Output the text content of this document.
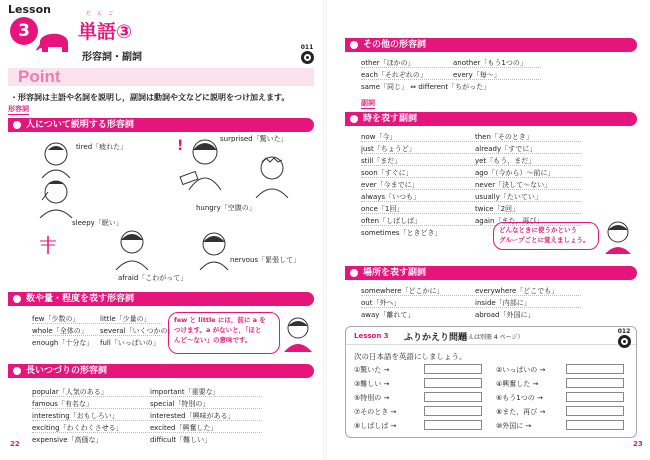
Lesson
3
たんご
単語③
形容詞・副詞
011
Point
・形容詞は主語や名詞を説明し，副詞は動詞や文などに説明をつけ加えます。
形容詞
人について説明する形容詞
!
tired「疲れた」
surprised「驚いた」
sleepy「眠い」
hungry「空腹の」
nervous「緊張して」
afraid「こわがって」
数や量・程度を表す形容詞
few「少数の」	little「少量の」
whole「全体の」 several「いくつかの」
enough「十分な」 full「いっぱいの」
few と little には，前に a を
つけます。a がないと，「ほと
んど～ない」の意味です。
長いつづりの形容詞
popular「人気のある」	important「重要な」
famous「有名な」	special「特別の」
interesting「おもしろい」	interested「興味がある」
exciting「わくわくさせる」	excited「興奮した」
expensive「高価な」	difficult「難しい」
22
その他の形容詞
other「ほかの」	another「もう1つの」
each「それぞれの」	every「毎～」
same「同じ」 ⇔ different「ちがった」
副詞
時を表す副詞
now「今」	then「そのとき」
just「ちょうど」	already「すでに」
still「まだ」	yet「もう，まだ」
soon「すぐに」	ago「（今から）～前に」
ever「今までに」	never「決して～ない」
always「いつも」	usually「たいてい」
once「1回」	twice「2回」
often「しばしば」	again「また，再び」
sometimes「ときどき」	どんなときに使うかという
グループごとに覚えましょう。
場所を表す副詞
somewhere「どこかに」	everywhere「どこでも」
out「外へ」	inside「内部に」
away「離れて」	abroad「外国に」
Lesson 3 ふりかえり問題
（答えは別冊 4 ページ）
012
次の日本語を英語にしましょう。
①驚いた →	②いっぱいの →
③難しい →	④興奮した →
⑤特別の →	⑥もう1つの →
⑦そのとき →	⑧また，再び →
⑨しばしば →	⑩外国に →
23
